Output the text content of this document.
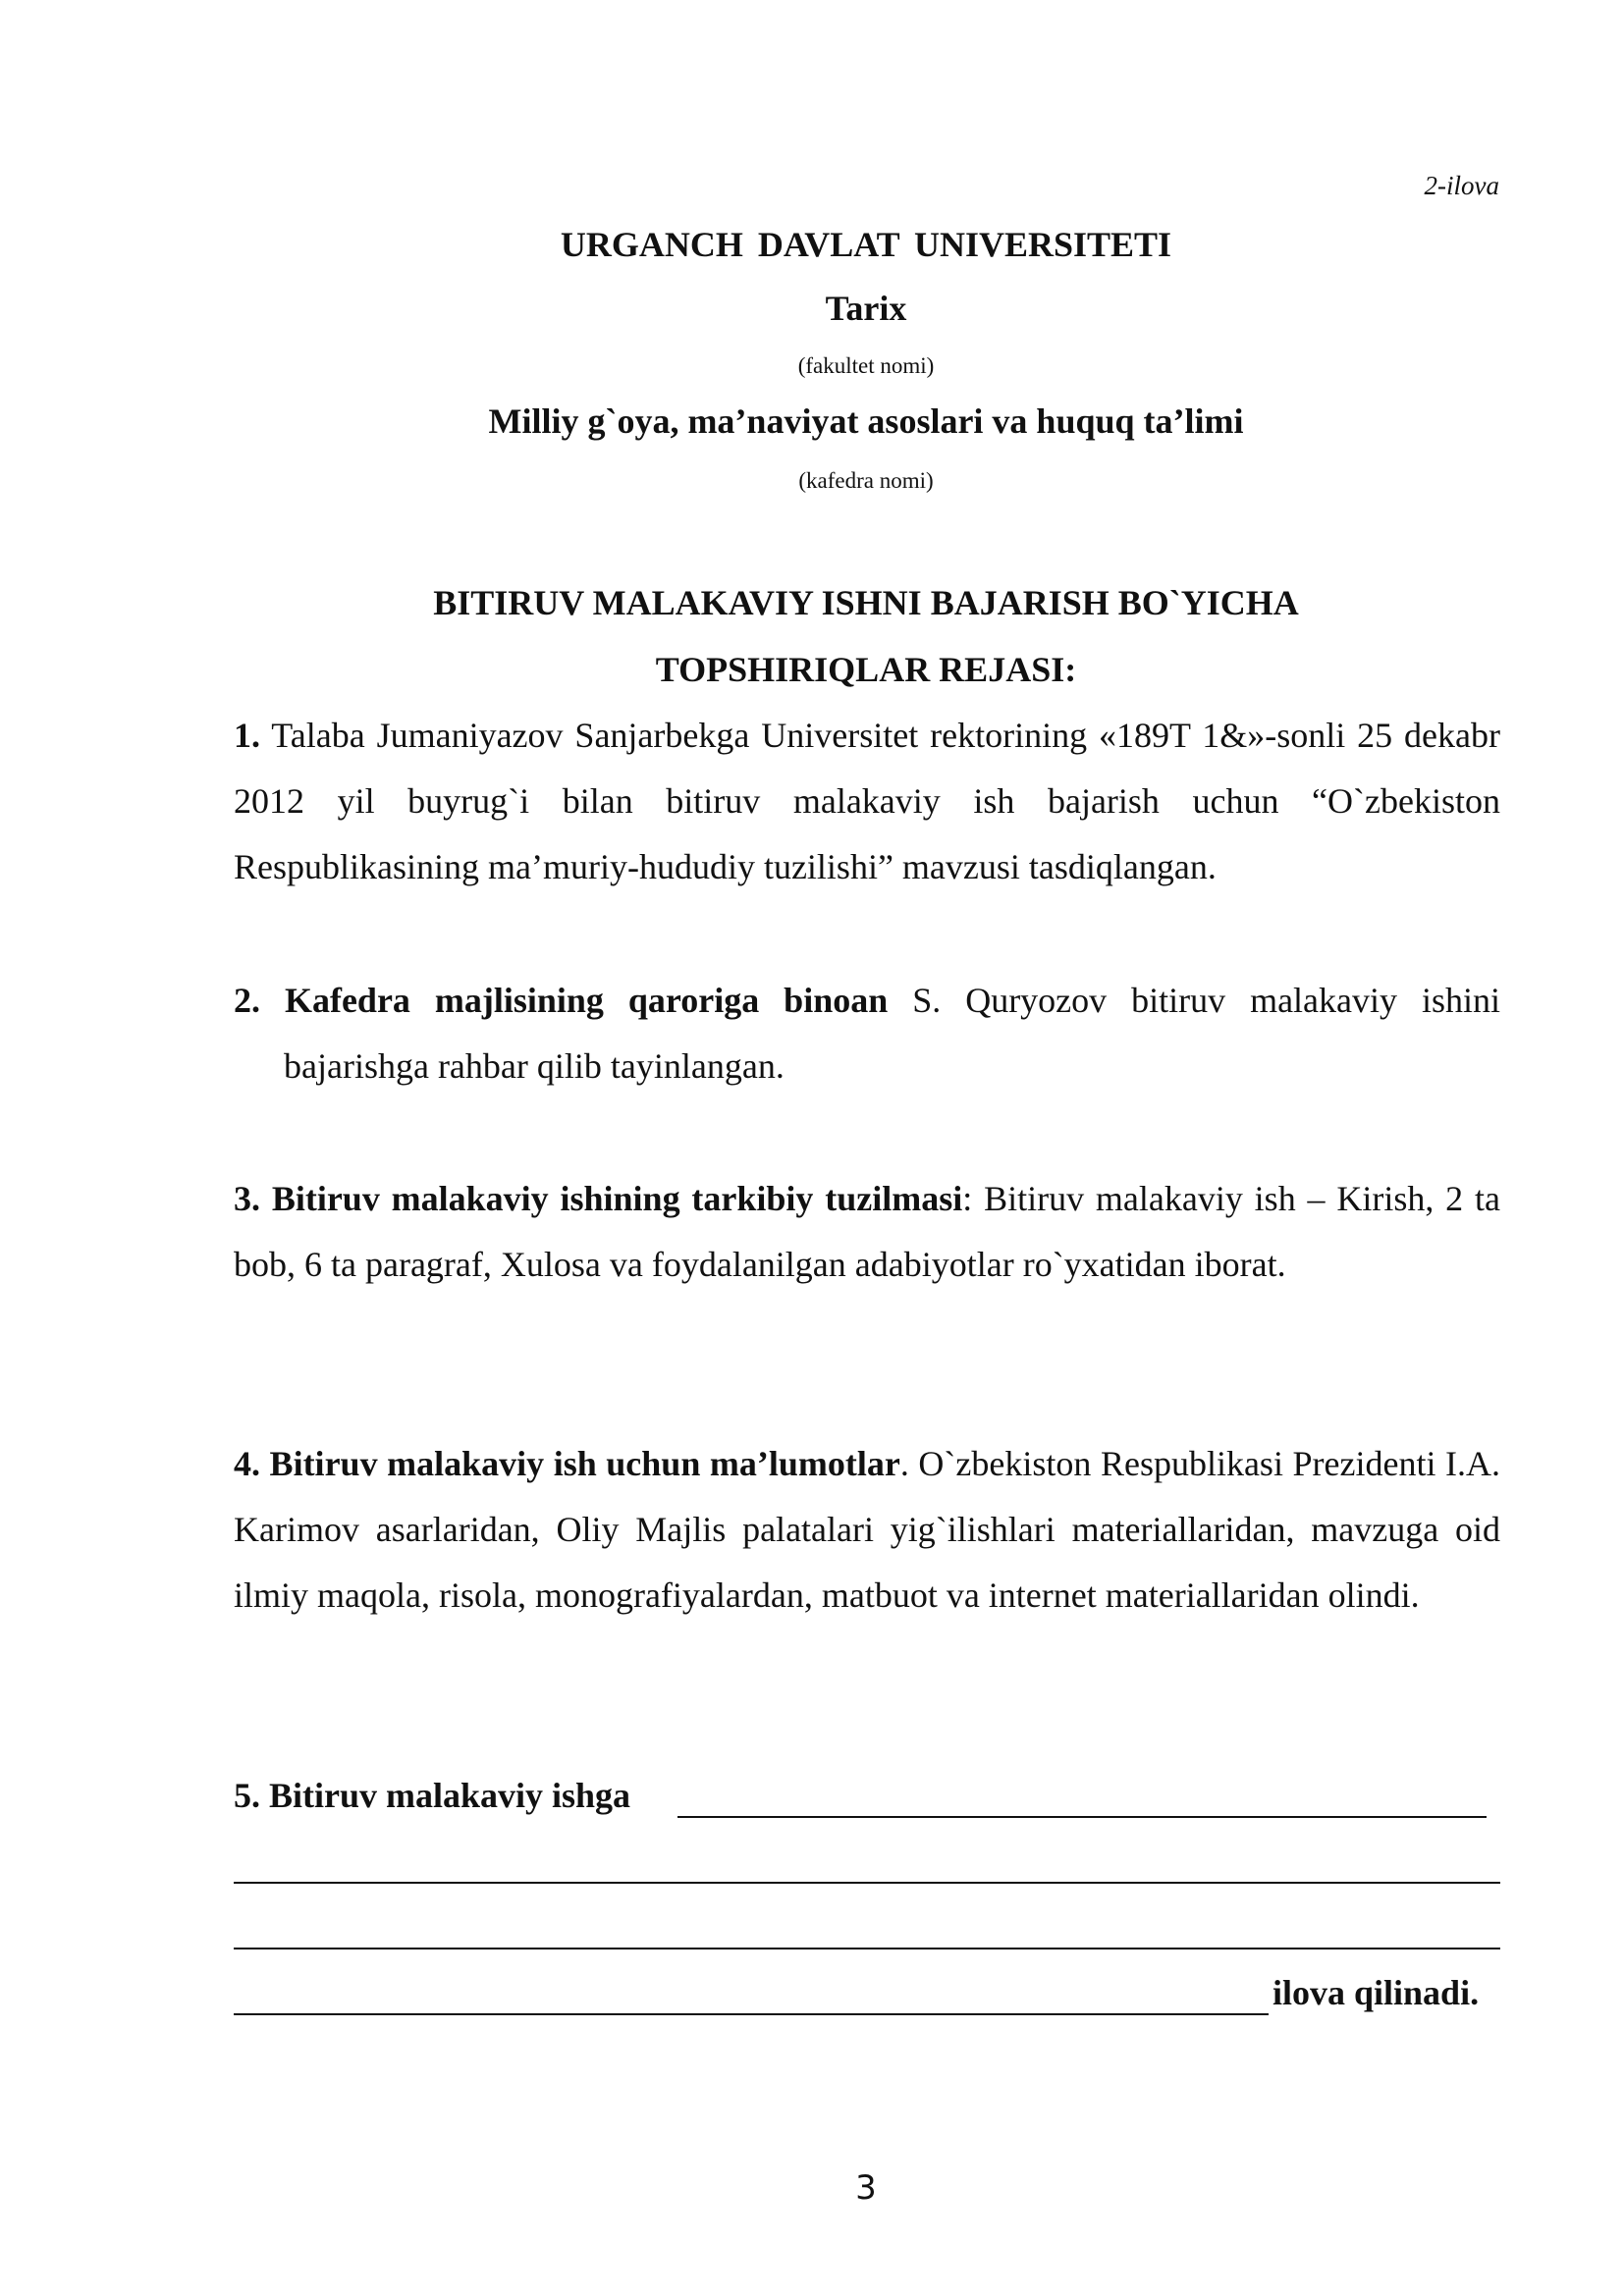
2-ilova
URGANCH DAVLAT UNIVERSITETI
Tarix
(fakultet nomi)
Milliy g`oya, ma’naviyat asoslari va huquq ta’limi
(kafedra nomi)
BITIRUV MALAKAVIY ISHNI BAJARISH BO`YICHA
TOPSHIRIQLAR REJASI:
1. Talaba Jumaniyazov Sanjarbekga Universitet rektorining «189T 1&»-sonli 25 dekabr 2012 yil buyrug`i bilan bitiruv malakaviy ish bajarish uchun “O`zbekiston Respublikasining ma’muriy-hududiy tuzilishi” mavzusi tasdiqlangan.
2. Kafedra majlisining qaroriga binoan S. Quryozov bitiruv malakaviy ishini bajarishga rahbar qilib tayinlangan.
3. Bitiruv malakaviy ishining tarkibiy tuzilmasi: Bitiruv malakaviy ish – Kirish, 2 ta bob, 6 ta paragraf, Xulosa va foydalanilgan adabiyotlar ro`yxatidan iborat.
4. Bitiruv malakaviy ish uchun ma’lumotlar. O`zbekiston Respublikasi Prezidenti I.A. Karimov asarlaridan, Oliy Majlis palatalari yig`ilishlari materiallaridan, mavzuga oid ilmiy maqola, risola, monografiyalardan, matbuot va internet materiallaridan olindi.
5. Bitiruv malakaviy ishga
ilova qilinadi.
3
